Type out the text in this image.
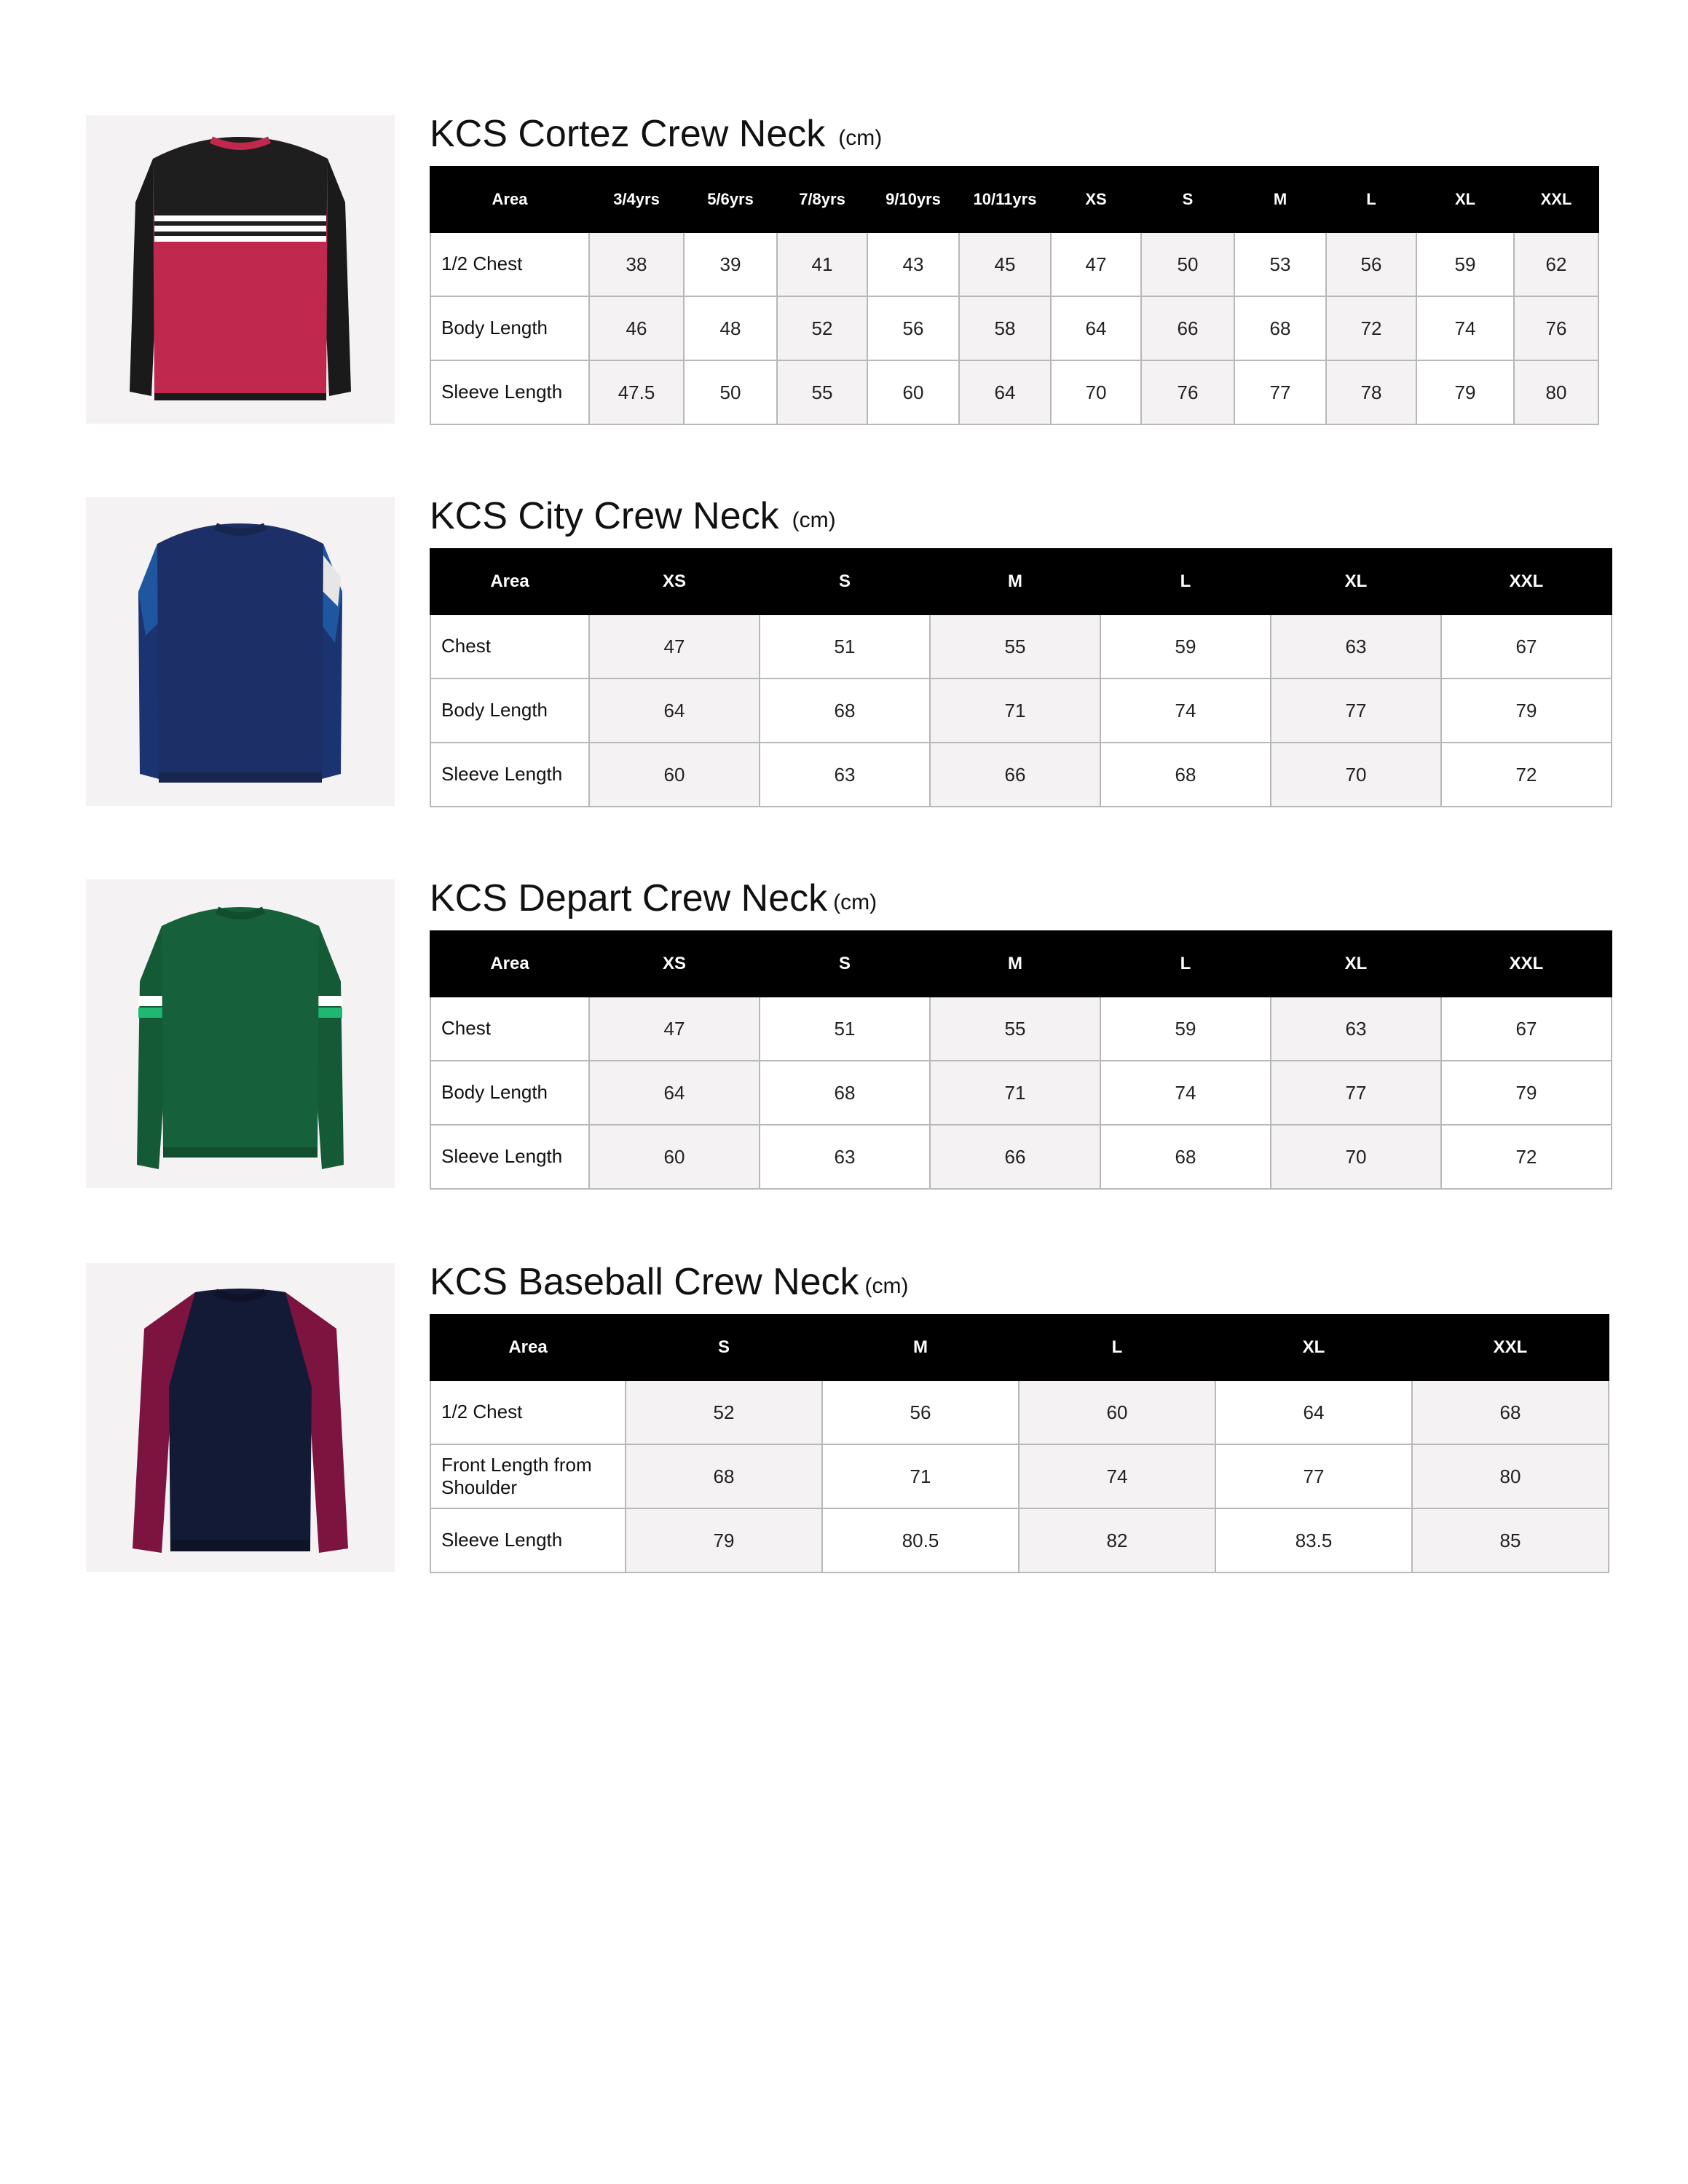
KCS Cortez Crew Neck (cm)
Area	3/4yrs	5/6yrs	7/8yrs	9/10yrs	10/11yrs	XS	S	M	L	XL	XXL
1/2 Chest	38	39	41	43	45	47	50	53	56	59	62
Body Length	46	48	52	56	58	64	66	68	72	74	76
Sleeve Length	47.5	50	55	60	64	70	76	77	78	79	80
KCS City Crew Neck (cm)
Area	XS	S	M	L	XL	XXL
Chest	47	51	55	59	63	67
Body Length	64	68	71	74	77	79
Sleeve Length	60	63	66	68	70	72
KCS Depart Crew Neck (cm)
Area	XS	S	M	L	XL	XXL
Chest	47	51	55	59	63	67
Body Length	64	68	71	74	77	79
Sleeve Length	60	63	66	68	70	72
KCS Baseball Crew Neck (cm)
Area	S	M	L	XL	XXL
1/2 Chest	52	56	60	64	68
Front Length from Shoulder	68	71	74	77	80
Sleeve Length	79	80.5	82	83.5	85
